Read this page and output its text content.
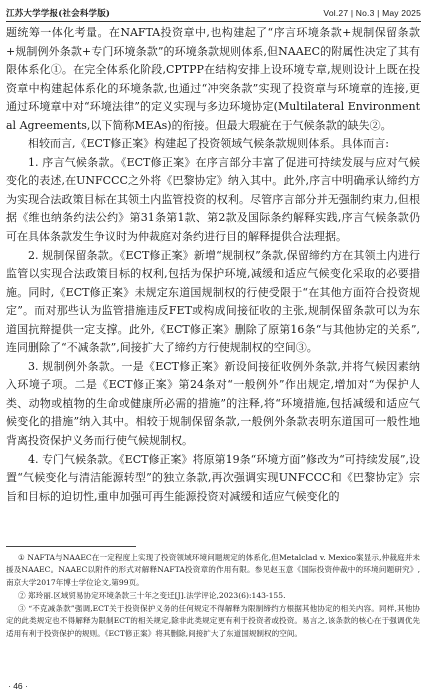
江苏大学学报(社会科学版)	Vol.27 | No.3 | May 2025

题统筹一体化考量。在NAFTA投资章中,也构建起了“序言环境条款+规制保留条款+规制例外条款+专门环境条款”的环境条款规则体系,但NAAEC的附属性决定了其有限体系化①。在完全体系化阶段,CPTPP在结构安排上设环境专章,规则设计上既在投资章中构建起体系化的环境条款,也通过“冲突条款”实现了投资章与环境章的连接,更通过环境章中对“环境法律”的定义实现与多边环境协定(Multilateral Environmental Agreements,以下简称MEAs)的衔接。但最大瑕疵在于气候条款的缺失②。

相较而言,《ECT修正案》构建起了投资领域气候条款规则体系。具体而言:

1. 序言气候条款。《ECT修正案》在序言部分丰富了促进可持续发展与应对气候变化的表述,在UNFCCC之外将《巴黎协定》纳入其中。此外,序言中明确承认缔约方为实现合法政策目标在其领土内监管投资的权利。尽管序言部分并无强制约束力,但根据《维也纳条约法公约》第31条第1款、第2款及国际条约解释实践,序言气候条款仍可在具体条款发生争议时为仲裁庭对条约进行目的解释提供合法理据。

2. 规制保留条款。《ECT修正案》新增“规制权”条款,保留缔约方在其领土内进行监管以实现合法政策目标的权利,包括为保护环境,减缓和适应气候变化采取的必要措施。同时,《ECT修正案》未规定东道国规制权的行使受限于“在其他方面符合投资规定”。而对那些认为监管措施违反FET或构成间接征收的主张,规制保留条款可以为东道国抗辩提供一定支撑。此外,《ECT修正案》删除了原第16条“与其他协定的关系”,连同删除了“不减条款”,间接扩大了缔约方行使规制权的空间③。

3. 规制例外条款。一是《ECT修正案》新设间接征收例外条款,并将气候因素纳入环境子项。二是《ECT修正案》第24条对“一般例外”作出规定,增加对“为保护人类、动物或植物的生命或健康所必需的措施”的注释,将“环境措施,包括减缓和适应气候变化的措施”纳入其中。相较于规制保留条款,一般例外条款表明东道国可一般性地背离投资保护义务而行使气候规制权。

4. 专门气候条款。《ECT修正案》将原第19条“环境方面”修改为“可持续发展”,设置“气候变化与清洁能源转型”的独立条款,再次强调实现UNFCCC和《巴黎协定》宗旨和目标的迫切性,重申加强可再生能源投资对减缓和适应气候变化的

① NAFTA与NAAEC在一定程度上实现了投资领域环境问题规定的体系化,但Metalclad v. Mexico案显示,仲裁庭并未援及NAAEC。NAAEC以附件的形式对解释NAFTA投资章的作用有限。参见赵玉意《国际投资仲裁中的环境问题研究》,南京大学2017年博士学位论文,第99页。

② 郑玲丽.区域贸易协定环境条款三十年之变迁[J].法学评论,2023(6):143-155.

③ “不克减条款”强调,ECT关于投资保护义务的任何规定不得解释为限制缔约方根据其他协定的相关内容。同样,其他协定的此类规定也不得解释为限制ECT的相关规定,除非此类规定更有利于投资者或投资。易言之,该条款的核心在于强调优先适用有利于投资保护的规则。《ECT修正案》将其删除,间接扩大了东道国规制权的空间。

· 46 ·
